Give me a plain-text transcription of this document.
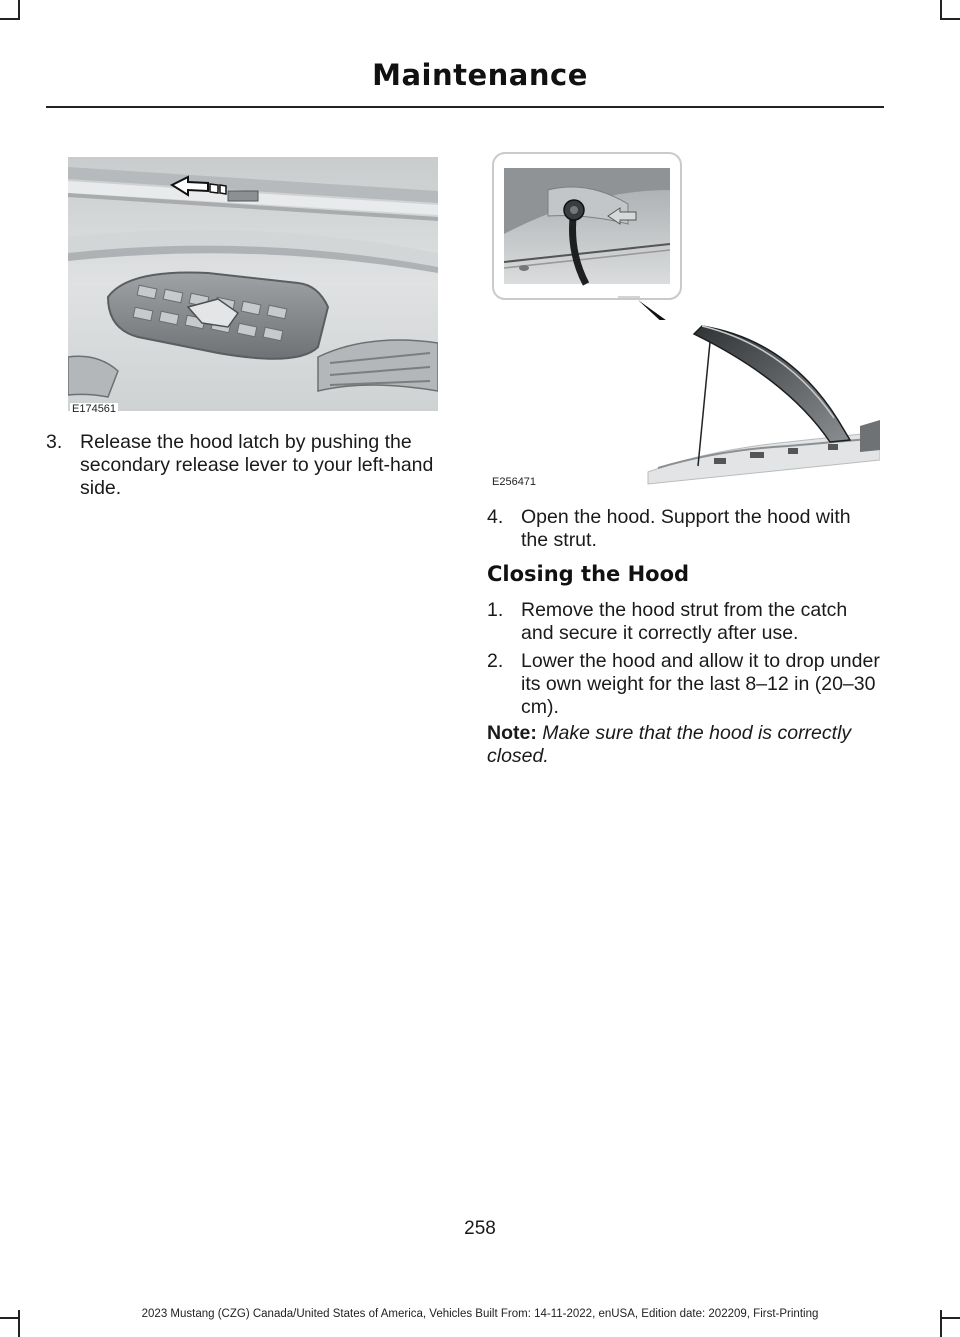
Maintenance
E174561
E256471
3. Release the hood latch by pushing the secondary release lever to your left-hand side.
4. Open the hood. Support the hood with the strut.
Closing the Hood
1. Remove the hood strut from the catch and secure it correctly after use.
2. Lower the hood and allow it to drop under its own weight for the last 8–12 in (20–30 cm).
Note: Make sure that the hood is correctly closed.
258
2023 Mustang (CZG) Canada/United States of America, Vehicles Built From: 14-11-2022, enUSA, Edition date: 202209, First-Printing
